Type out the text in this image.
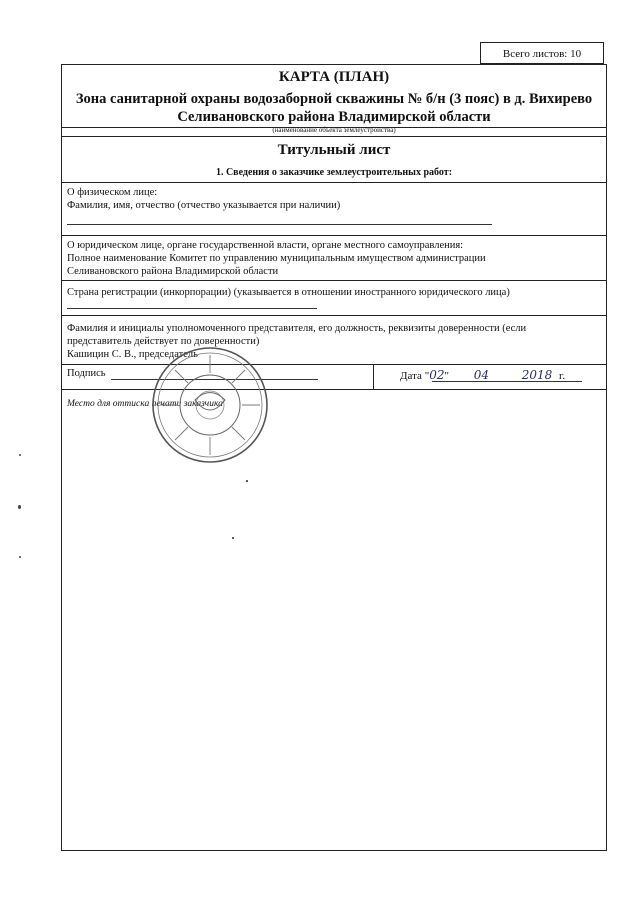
Всего листов: 10
КАРТА (ПЛАН)
Зона санитарной охраны водозаборной скважины № б/н (3 пояс) в д. Вихирево
Селивановского района Владимирской области
(наименование объекта землеустройства)
Титульный лист
1. Сведения о заказчике землеустроительных работ:
О физическом лице:
Фамилия, имя, отчество (отчество указывается при наличии)
О юридическом лице, органе государственной власти, органе местного самоуправления:
Полное наименование Комитет по управлению муниципальным имуществом администрации
Селивановского района Владимирской области
Страна регистрации (инкорпорации) (указывается в отношении иностранного юридического лица)
Фамилия и инициалы уполномоченного представителя, его должность, реквизиты доверенности (если
представитель действует по доверенности)
Кашицин С. В., председатель
Подпись	Дата "02" 04	2018 г.
Место для оттиска печати заказчика
